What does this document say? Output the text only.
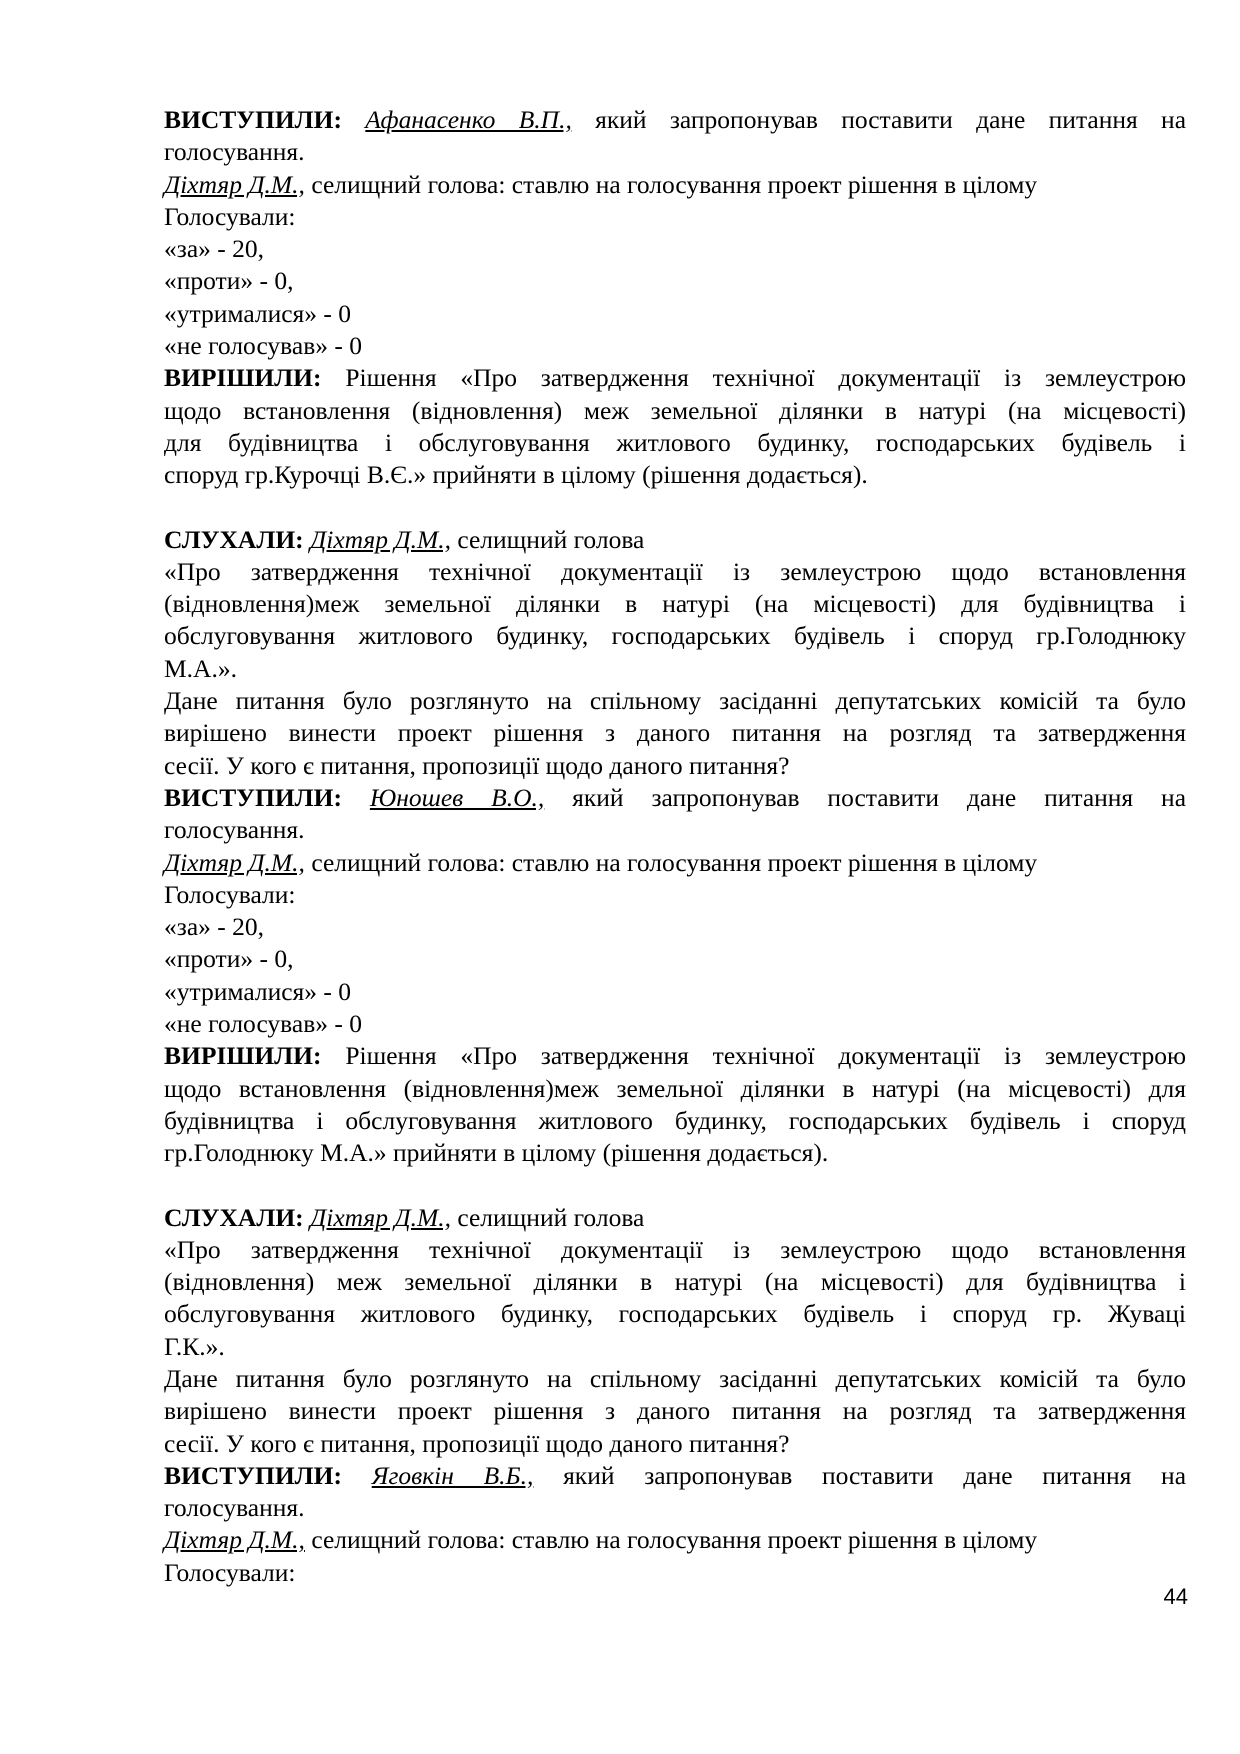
ВИСТУПИЛИ: Афанасенко В.П., який запропонував поставити дане питання на
голосування.
Діхтяр Д.М., селищний голова: ставлю на голосування проект рішення в цілому
Голосували:
«за» - 20,
«проти» - 0,
«утрималися» - 0
«не голосував» - 0
ВИРІШИЛИ: Рішення «Про затвердження технічної документації із землеустрою
щодо встановлення (відновлення) меж земельної ділянки в натурі (на місцевості)
для будівництва і обслуговування житлового будинку, господарських будівель і
споруд гр.Курочці В.Є.» прийняти в цілому (рішення додається).
СЛУХАЛИ: Діхтяр Д.М., селищний голова
«Про затвердження технічної документації із землеустрою щодо встановлення
(відновлення)меж земельної ділянки в натурі (на місцевості) для будівництва і
обслуговування житлового будинку, господарських будівель і споруд гр.Голоднюку
М.А.».
Дане питання було розглянуто на спільному засіданні депутатських комісій та було
вирішено винести проект рішення з даного питання на розгляд та затвердження
сесії. У кого є питання, пропозиції щодо даного питання?
ВИСТУПИЛИ: Юношев В.О., який запропонував поставити дане питання на
голосування.
Діхтяр Д.М., селищний голова: ставлю на голосування проект рішення в цілому
Голосували:
«за» - 20,
«проти» - 0,
«утрималися» - 0
«не голосував» - 0
ВИРІШИЛИ: Рішення «Про затвердження технічної документації із землеустрою
щодо встановлення (відновлення)меж земельної ділянки в натурі (на місцевості) для
будівництва і обслуговування житлового будинку, господарських будівель і споруд
гр.Голоднюку М.А.» прийняти в цілому (рішення додається).
СЛУХАЛИ: Діхтяр Д.М., селищний голова
«Про затвердження технічної документації із землеустрою щодо встановлення
(відновлення) меж земельної ділянки в натурі (на місцевості) для будівництва і
обслуговування житлового будинку, господарських будівель і споруд гр. Жуваці
Г.К.».
Дане питання було розглянуто на спільному засіданні депутатських комісій та було
вирішено винести проект рішення з даного питання на розгляд та затвердження
сесії. У кого є питання, пропозиції щодо даного питання?
ВИСТУПИЛИ: Яговкін В.Б., який запропонував поставити дане питання на
голосування.
Діхтяр Д.М., селищний голова: ставлю на голосування проект рішення в цілому
Голосували:
44
